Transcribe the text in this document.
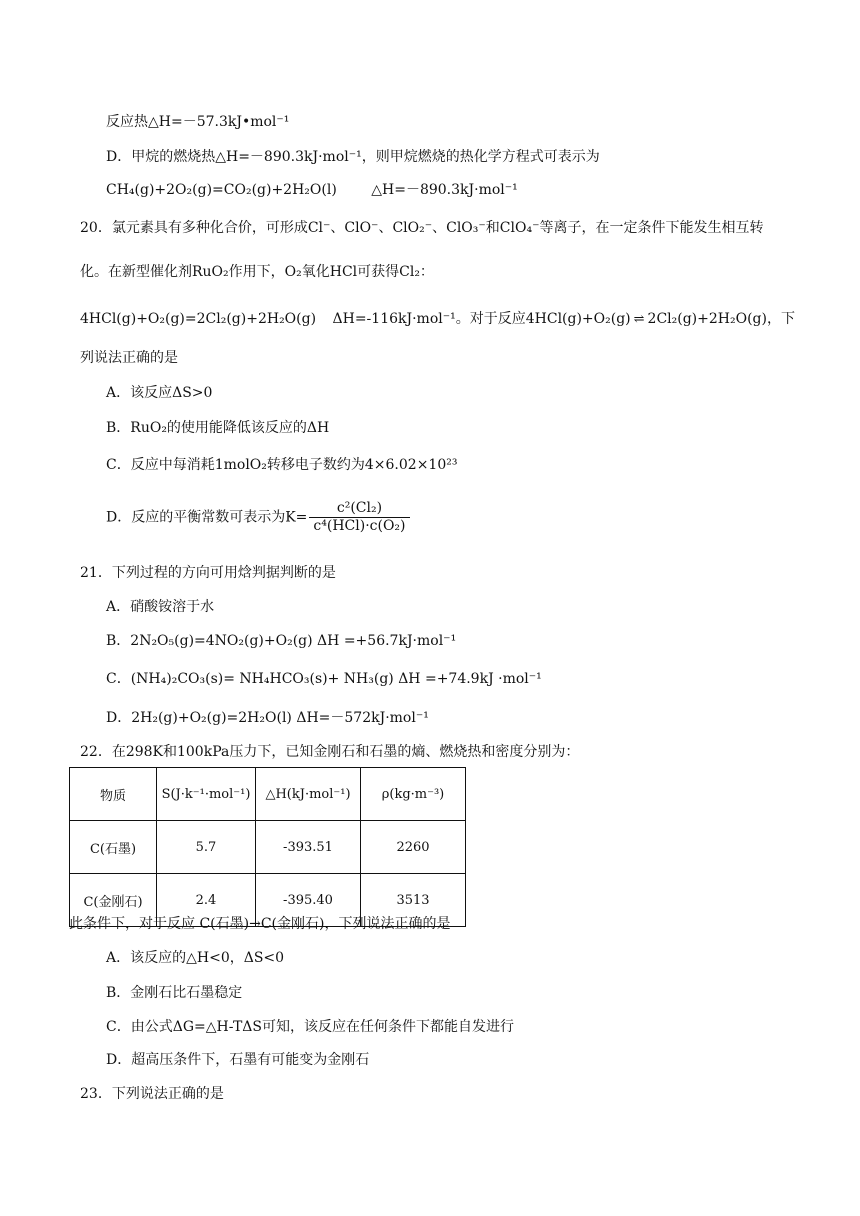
反应热△H=－57.3kJ•mol⁻¹
D．甲烷的燃烧热△H=－890.3kJ·mol⁻¹，则甲烷燃烧的热化学方程式可表示为
CH₄(g)+2O₂(g)=CO₂(g)+2H₂O(l) △H=－890.3kJ·mol⁻¹
20．氯元素具有多种化合价，可形成Cl⁻、ClO⁻、ClO₂⁻、ClO₃⁻和ClO₄⁻等离子，在一定条件下能发生相互转
化。在新型催化剂RuO₂作用下，O₂氧化HCl可获得Cl₂：
4HCl(g)+O₂(g)=2Cl₂(g)+2H₂O(g) ΔH=-116kJ·mol⁻¹。对于反应4HCl(g)+O₂(g) ⇌ 2Cl₂(g)+2H₂O(g)，下
列说法正确的是
A．该反应ΔS>0
B．RuO₂的使用能降低该反应的ΔH
C．反应中每消耗1molO₂转移电子数约为4×6.02×10²³
D．反应的平衡常数可表示为$K= \frac{\text{c²(Cl₂)}}{\text{c⁴(HCl)·c(O₂)}}$
21．下列过程的方向可用焓判据判断的是
A．硝酸铵溶于水
B．2N₂O₅(g)=4NO₂(g)+O₂(g) ΔH =+56.7kJ·mol⁻¹
C．(NH₄)₂CO₃(s)= NH₄HCO₃(s)+ NH₃(g) ΔH =+74.9kJ ·mol⁻¹
D．2H₂(g)+O₂(g)=2H₂O(l) ΔH=－572kJ·mol⁻¹
22．在298K和100kPa压力下，已知金刚石和石墨的熵、燃烧热和密度分别为：
物质	S(J·k⁻¹·mol⁻¹)	△H(kJ·mol⁻¹)	ρ(kg·m⁻³)
C(石墨)	5.7	-393.51	2260
C(金刚石)	2.4	-395.40	3513
此条件下，对于反应 C(石墨)→C(金刚石)，下列说法正确的是
A．该反应的△H<0，ΔS<0
B．金刚石比石墨稳定
C．由公式ΔG=△H-TΔS可知，该反应在任何条件下都能自发进行
D．超高压条件下，石墨有可能变为金刚石
23．下列说法正确的是
